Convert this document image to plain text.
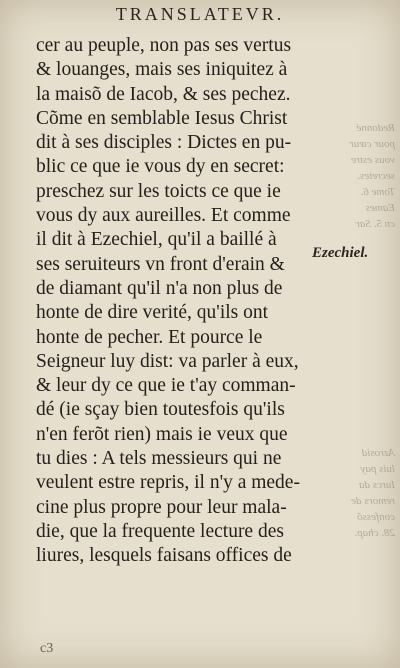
TRANSLATEVR.
Redonné
pour cœur
vous estre
secretes.
Tome 6.
Eames
cn 5. Sar
Azrosid
luis pay
Iurcs da
remors de
confessõ
28. chap.
cer au peuple, non pas ses vertus
& louanges, mais ses iniquitez à
la maisõ de Iacob, & ses pechez.
Cõme en semblable Iesus Christ
dit à ses disciples : Dictes en pu-
blic ce que ie vous dy en secret:
preschez sur les toicts ce que ie
vous dy aux aureilles. Et comme
il dit à Ezechiel, qu'il a baillé à
ses seruiteurs vn front d'erain &
de diamant qu'il n'a non plus de
honte de dire verité, qu'ils ont
honte de pecher. Et pource le
Seigneur luy dist: va parler à eux,
& leur dy ce que ie t'ay comman-
dé (ie sçay bien toutesfois qu'ils
n'en ferõt rien) mais ie veux que
tu dies : A tels messieurs qui ne
veulent estre repris, il n'y a mede-
cine plus propre pour leur mala-
die, que la frequente lecture des
liures, lesquels faisans offices de
Ezechiel.
c3
